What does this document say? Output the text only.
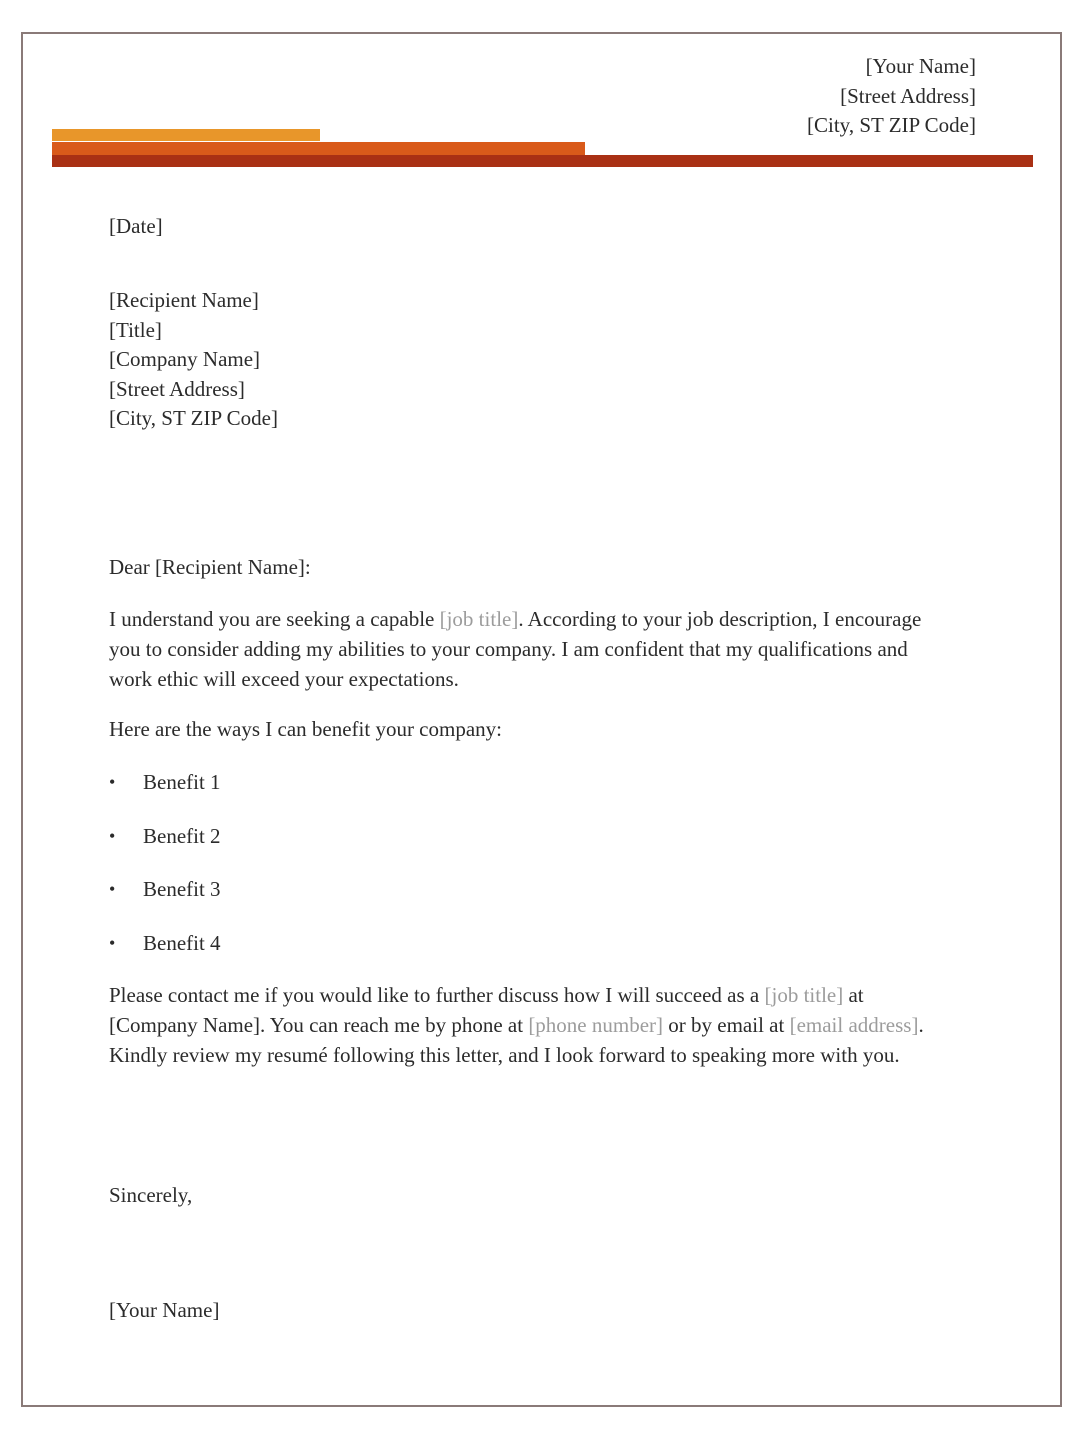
[Your Name]
[Street Address]
[City, ST ZIP Code]
[Date]
[Recipient Name]
[Title]
[Company Name]
[Street Address]
[City, ST ZIP Code]
Dear [Recipient Name]:
I understand you are seeking a capable [job title]. According to your job description, I encourage
you to consider adding my abilities to your company. I am confident that my qualifications and
work ethic will exceed your expectations.
Here are the ways I can benefit your company:
•	Benefit 1
•	Benefit 2
•	Benefit 3
•	Benefit 4
Please contact me if you would like to further discuss how I will succeed as a [job title] at
[Company Name]. You can reach me by phone at [phone number] or by email at [email address].
Kindly review my resumé following this letter, and I look forward to speaking more with you.
Sincerely,
[Your Name]
